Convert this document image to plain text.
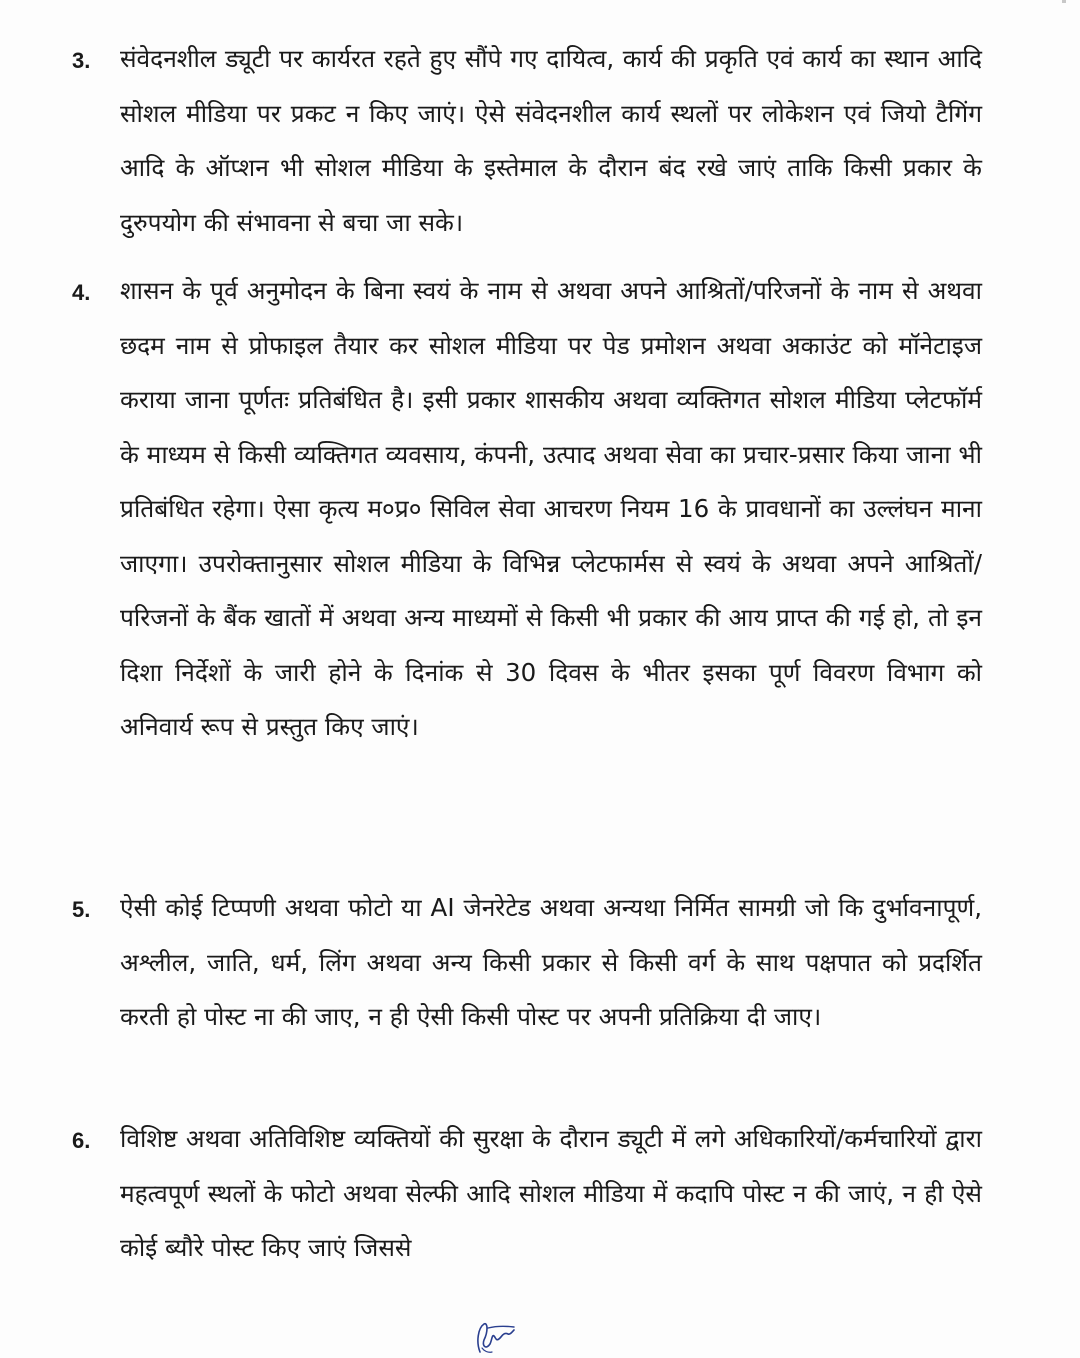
3. संवेदनशील ड्यूटी पर कार्यरत रहते हुए सौंपे गए दायित्व, कार्य की प्रकृति एवं कार्य का स्थान आदि सोशल मीडिया पर प्रकट न किए जाएं। ऐसे संवेदनशील कार्य स्थलों पर लोकेशन एवं जियो टैगिंग आदि के ऑप्शन भी सोशल मीडिया के इस्तेमाल के दौरान बंद रखे जाएं ताकि किसी प्रकार के दुरुपयोग की संभावना से बचा जा सके।
4. शासन के पूर्व अनुमोदन के बिना स्वयं के नाम से अथवा अपने आश्रितों/परिजनों के नाम से अथवा छदम नाम से प्रोफाइल तैयार कर सोशल मीडिया पर पेड प्रमोशन अथवा अकाउंट को मॉनेटाइज कराया जाना पूर्णतः प्रतिबंधित है। इसी प्रकार शासकीय अथवा व्यक्तिगत सोशल मीडिया प्लेटफॉर्म के माध्यम से किसी व्यक्तिगत व्यवसाय, कंपनी, उत्पाद अथवा सेवा का प्रचार-प्रसार किया जाना भी प्रतिबंधित रहेगा। ऐसा कृत्य म०प्र० सिविल सेवा आचरण नियम 16 के प्रावधानों का उल्लंघन माना जाएगा। उपरोक्तानुसार सोशल मीडिया के विभिन्न प्लेटफार्मस से स्वयं के अथवा अपने आश्रितों/परिजनों के बैंक खातों में अथवा अन्य माध्यमों से किसी भी प्रकार की आय प्राप्त की गई हो, तो इन दिशा निर्देशों के जारी होने के दिनांक से 30 दिवस के भीतर इसका पूर्ण विवरण विभाग को अनिवार्य रूप से प्रस्तुत किए जाएं।
5. ऐसी कोई टिप्पणी अथवा फोटो या AI जेनरेटेड अथवा अन्यथा निर्मित सामग्री जो कि दुर्भावनापूर्ण, अश्लील, जाति, धर्म, लिंग अथवा अन्य किसी प्रकार से किसी वर्ग के साथ पक्षपात को प्रदर्शित करती हो पोस्ट ना की जाए, न ही ऐसी किसी पोस्ट पर अपनी प्रतिक्रिया दी जाए।
6. विशिष्ट अथवा अतिविशिष्ट व्यक्तियों की सुरक्षा के दौरान ड्यूटी में लगे अधिकारियों/कर्मचारियों द्वारा महत्वपूर्ण स्थलों के फोटो अथवा सेल्फी आदि सोशल मीडिया में कदापि पोस्ट न की जाएं, न ही ऐसे कोई ब्यौरे पोस्ट किए जाएं जिससे
